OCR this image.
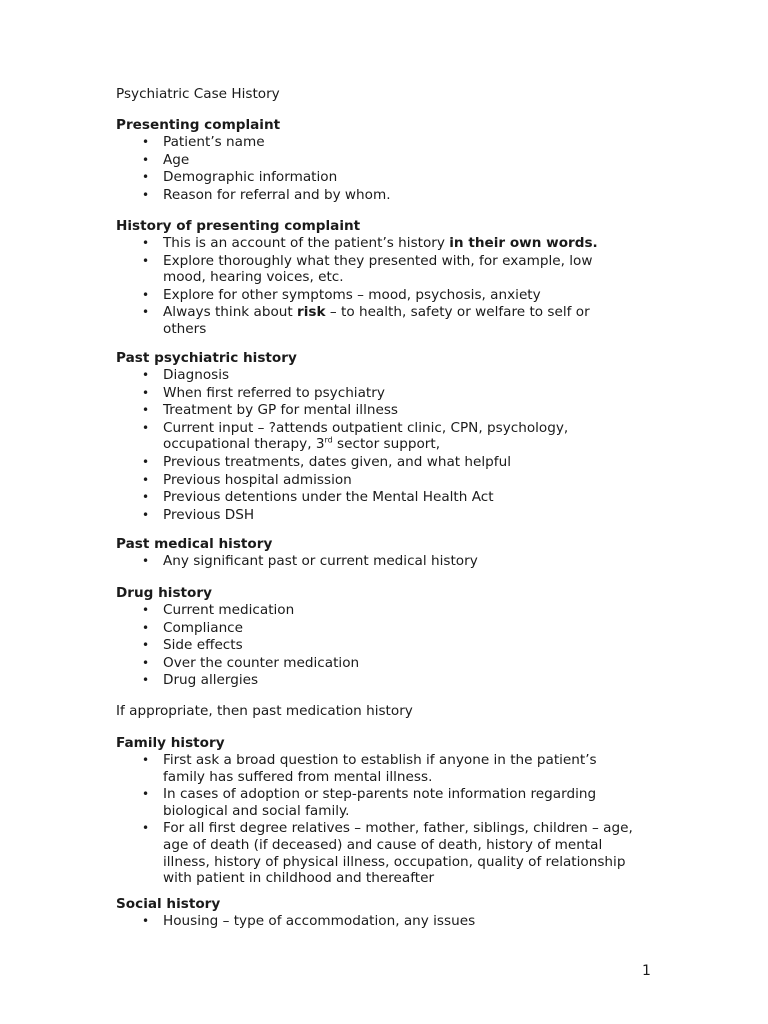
Psychiatric Case History
Presenting complaint
• Patient’s name
• Age
• Demographic information
• Reason for referral and by whom.
History of presenting complaint
• This is an account of the patient’s history in their own words.
• Explore thoroughly what they presented with, for example, low mood, hearing voices, etc.
• Explore for other symptoms – mood, psychosis, anxiety
• Always think about risk – to health, safety or welfare to self or others
Past psychiatric history
• Diagnosis
• When first referred to psychiatry
• Treatment by GP for mental illness
• Current input – ?attends outpatient clinic, CPN, psychology, occupational therapy, 3rd sector support,
• Previous treatments, dates given, and what helpful
• Previous hospital admission
• Previous detentions under the Mental Health Act
• Previous DSH
Past medical history
• Any significant past or current medical history
Drug history
• Current medication
• Compliance
• Side effects
• Over the counter medication
• Drug allergies

If appropriate, then past medication history

Family history
• First ask a broad question to establish if anyone in the patient’s family has suffered from mental illness.
• In cases of adoption or step-parents note information regarding biological and social family.
• For all first degree relatives – mother, father, siblings, children – age, age of death (if deceased) and cause of death, history of mental illness, history of physical illness, occupation, quality of relationship with patient in childhood and thereafter
Social history
• Housing – type of accommodation, any issues
1
